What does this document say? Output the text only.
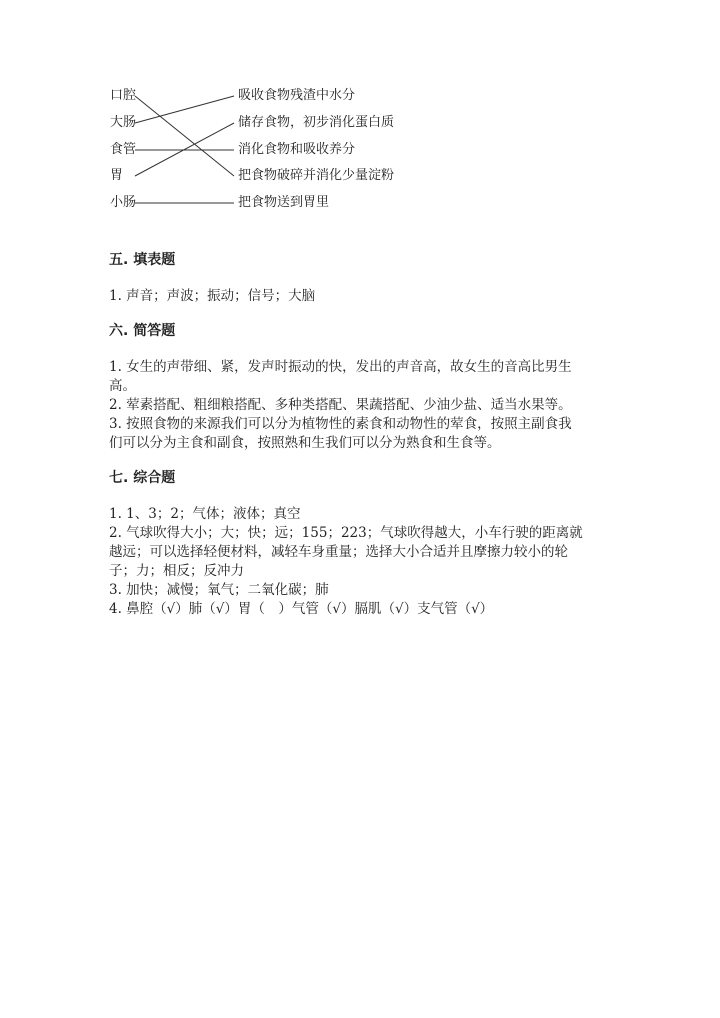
口腔
大肠
食管
胃
小肠
吸收食物残渣中水分
储存食物，初步消化蛋白质
消化食物和吸收养分
把食物破碎并消化少量淀粉
把食物送到胃里
五. 填表题
1. 声音；声波；振动；信号；大脑
六. 简答题
1. 女生的声带细、紧，发声时振动的快，发出的声音高，故女生的音高比男生
高。
2. 荤素搭配、粗细粮搭配、多种类搭配、果蔬搭配、少油少盐、适当水果等。
3. 按照食物的来源我们可以分为植物性的素食和动物性的荤食，按照主副食我
们可以分为主食和副食，按照熟和生我们可以分为熟食和生食等。
七. 综合题
1. 1、3；2；气体；液体；真空
2. 气球吹得大小；大；快；远；155；223；气球吹得越大，小车行驶的距离就
越远；可以选择轻便材料，减轻车身重量；选择大小合适并且摩擦力较小的轮
子；力；相反；反冲力
3. 加快；减慢；氧气；二氧化碳；肺
4. 鼻腔（√）肺（√）胃（　）气管（√）膈肌（√）支气管（√）
